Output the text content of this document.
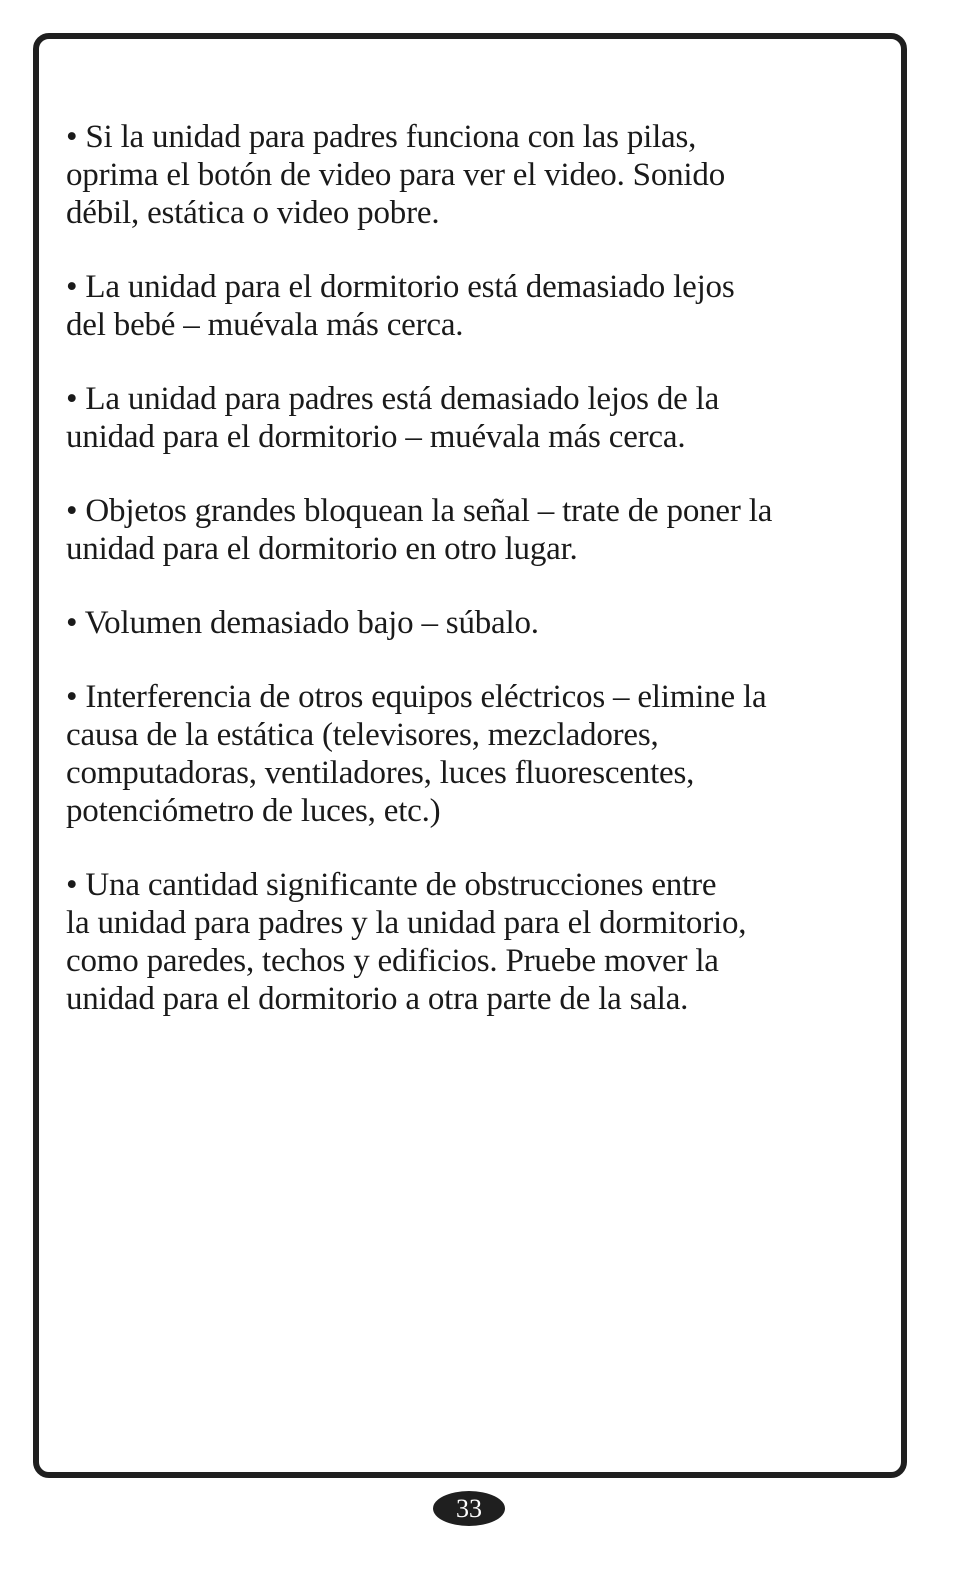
• Si la unidad para padres funciona con las pilas,
oprima el botón de video para ver el video. Sonido
débil, estática o video pobre.

• La unidad para el dormitorio está demasiado lejos
del bebé – muévala más cerca.

• La unidad para padres está demasiado lejos de la
unidad para el dormitorio – muévala más cerca.

• Objetos grandes bloquean la señal – trate de poner la
unidad para el dormitorio en otro lugar.

• Volumen demasiado bajo – súbalo.

• Interferencia de otros equipos eléctricos – elimine la
causa de la estática (televisores, mezcladores,
computadoras, ventiladores, luces fluorescentes,
potenciómetro de luces, etc.)

• Una cantidad significante de obstrucciones entre
la unidad para padres y la unidad para el dormitorio,
como paredes, techos y edificios. Pruebe mover la
unidad para el dormitorio a otra parte de la sala.

33
